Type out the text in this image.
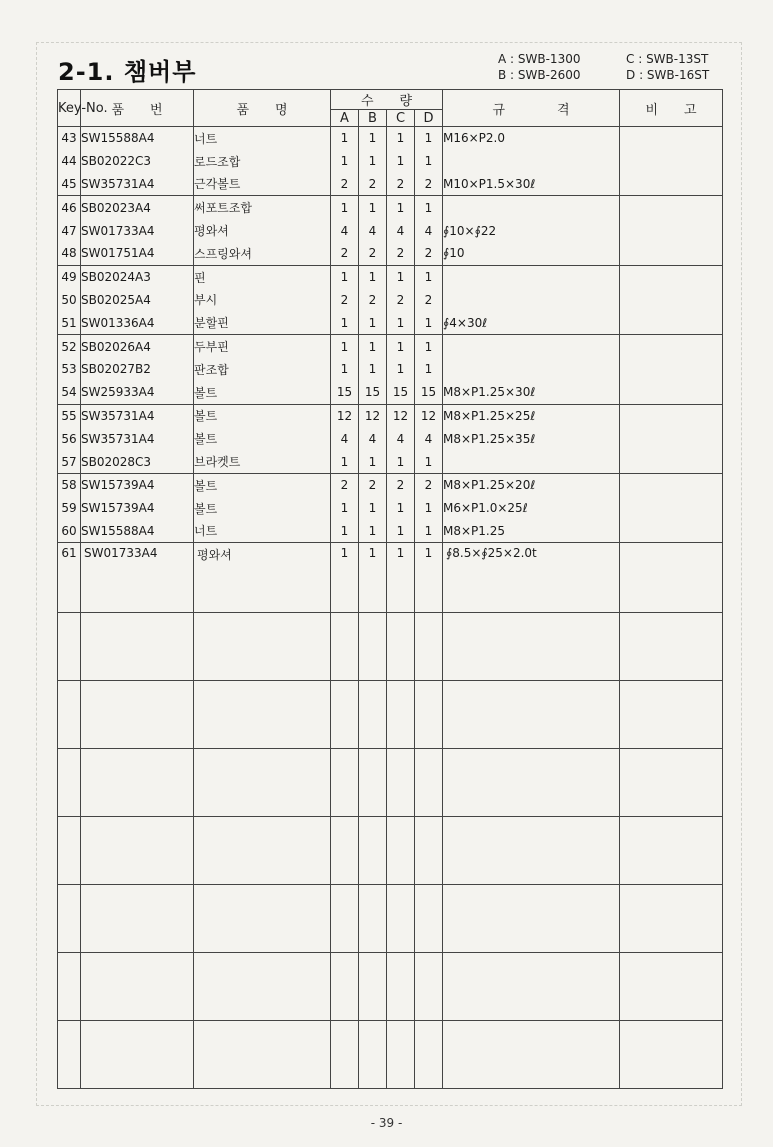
2-1. 챔버부	A : SWB-1300	C : SWB-13ST
B : SWB-2600	D : SWB-16ST
Key-No.	품　　번	품　　명	수　　량				규　　　　격	비　　고
			A	B	C	D		
43	SW15588A4	너트	1	1	1	1	M16×P2.0	
44	SB02022C3	로드조합	1	1	1	1		
45	SW35731A4	근각볼트	2	2	2	2	M10×P1.5×30ℓ	
46	SB02023A4	써포트조합	1	1	1	1		
47	SW01733A4	평와셔	4	4	4	4	∮10×∮22	
48	SW01751A4	스프링와셔	2	2	2	2	∮10	
49	SB02024A3	핀	1	1	1	1		
50	SB02025A4	부시	2	2	2	2		
51	SW01336A4	분할핀	1	1	1	1	∮4×30ℓ	
52	SB02026A4	두부핀	1	1	1	1		
53	SB02027B2	판조합	1	1	1	1		
54	SW25933A4	볼트	15	15	15	15	M8×P1.25×30ℓ	
55	SW35731A4	볼트	12	12	12	12	M8×P1.25×25ℓ	
56	SW35731A4	볼트	4	4	4	4	M8×P1.25×35ℓ	
57	SB02028C3	브라켓트	1	1	1	1		
58	SW15739A4	볼트	2	2	2	2	M8×P1.25×20ℓ	
59	SW15739A4	볼트	1	1	1	1	M6×P1.0×25ℓ	
60	SW15588A4	너트	1	1	1	1	M8×P1.25	
61	SW01733A4	평와셔	1	1	1	1	∮8.5×∮25×2.0t	

- 39 -
